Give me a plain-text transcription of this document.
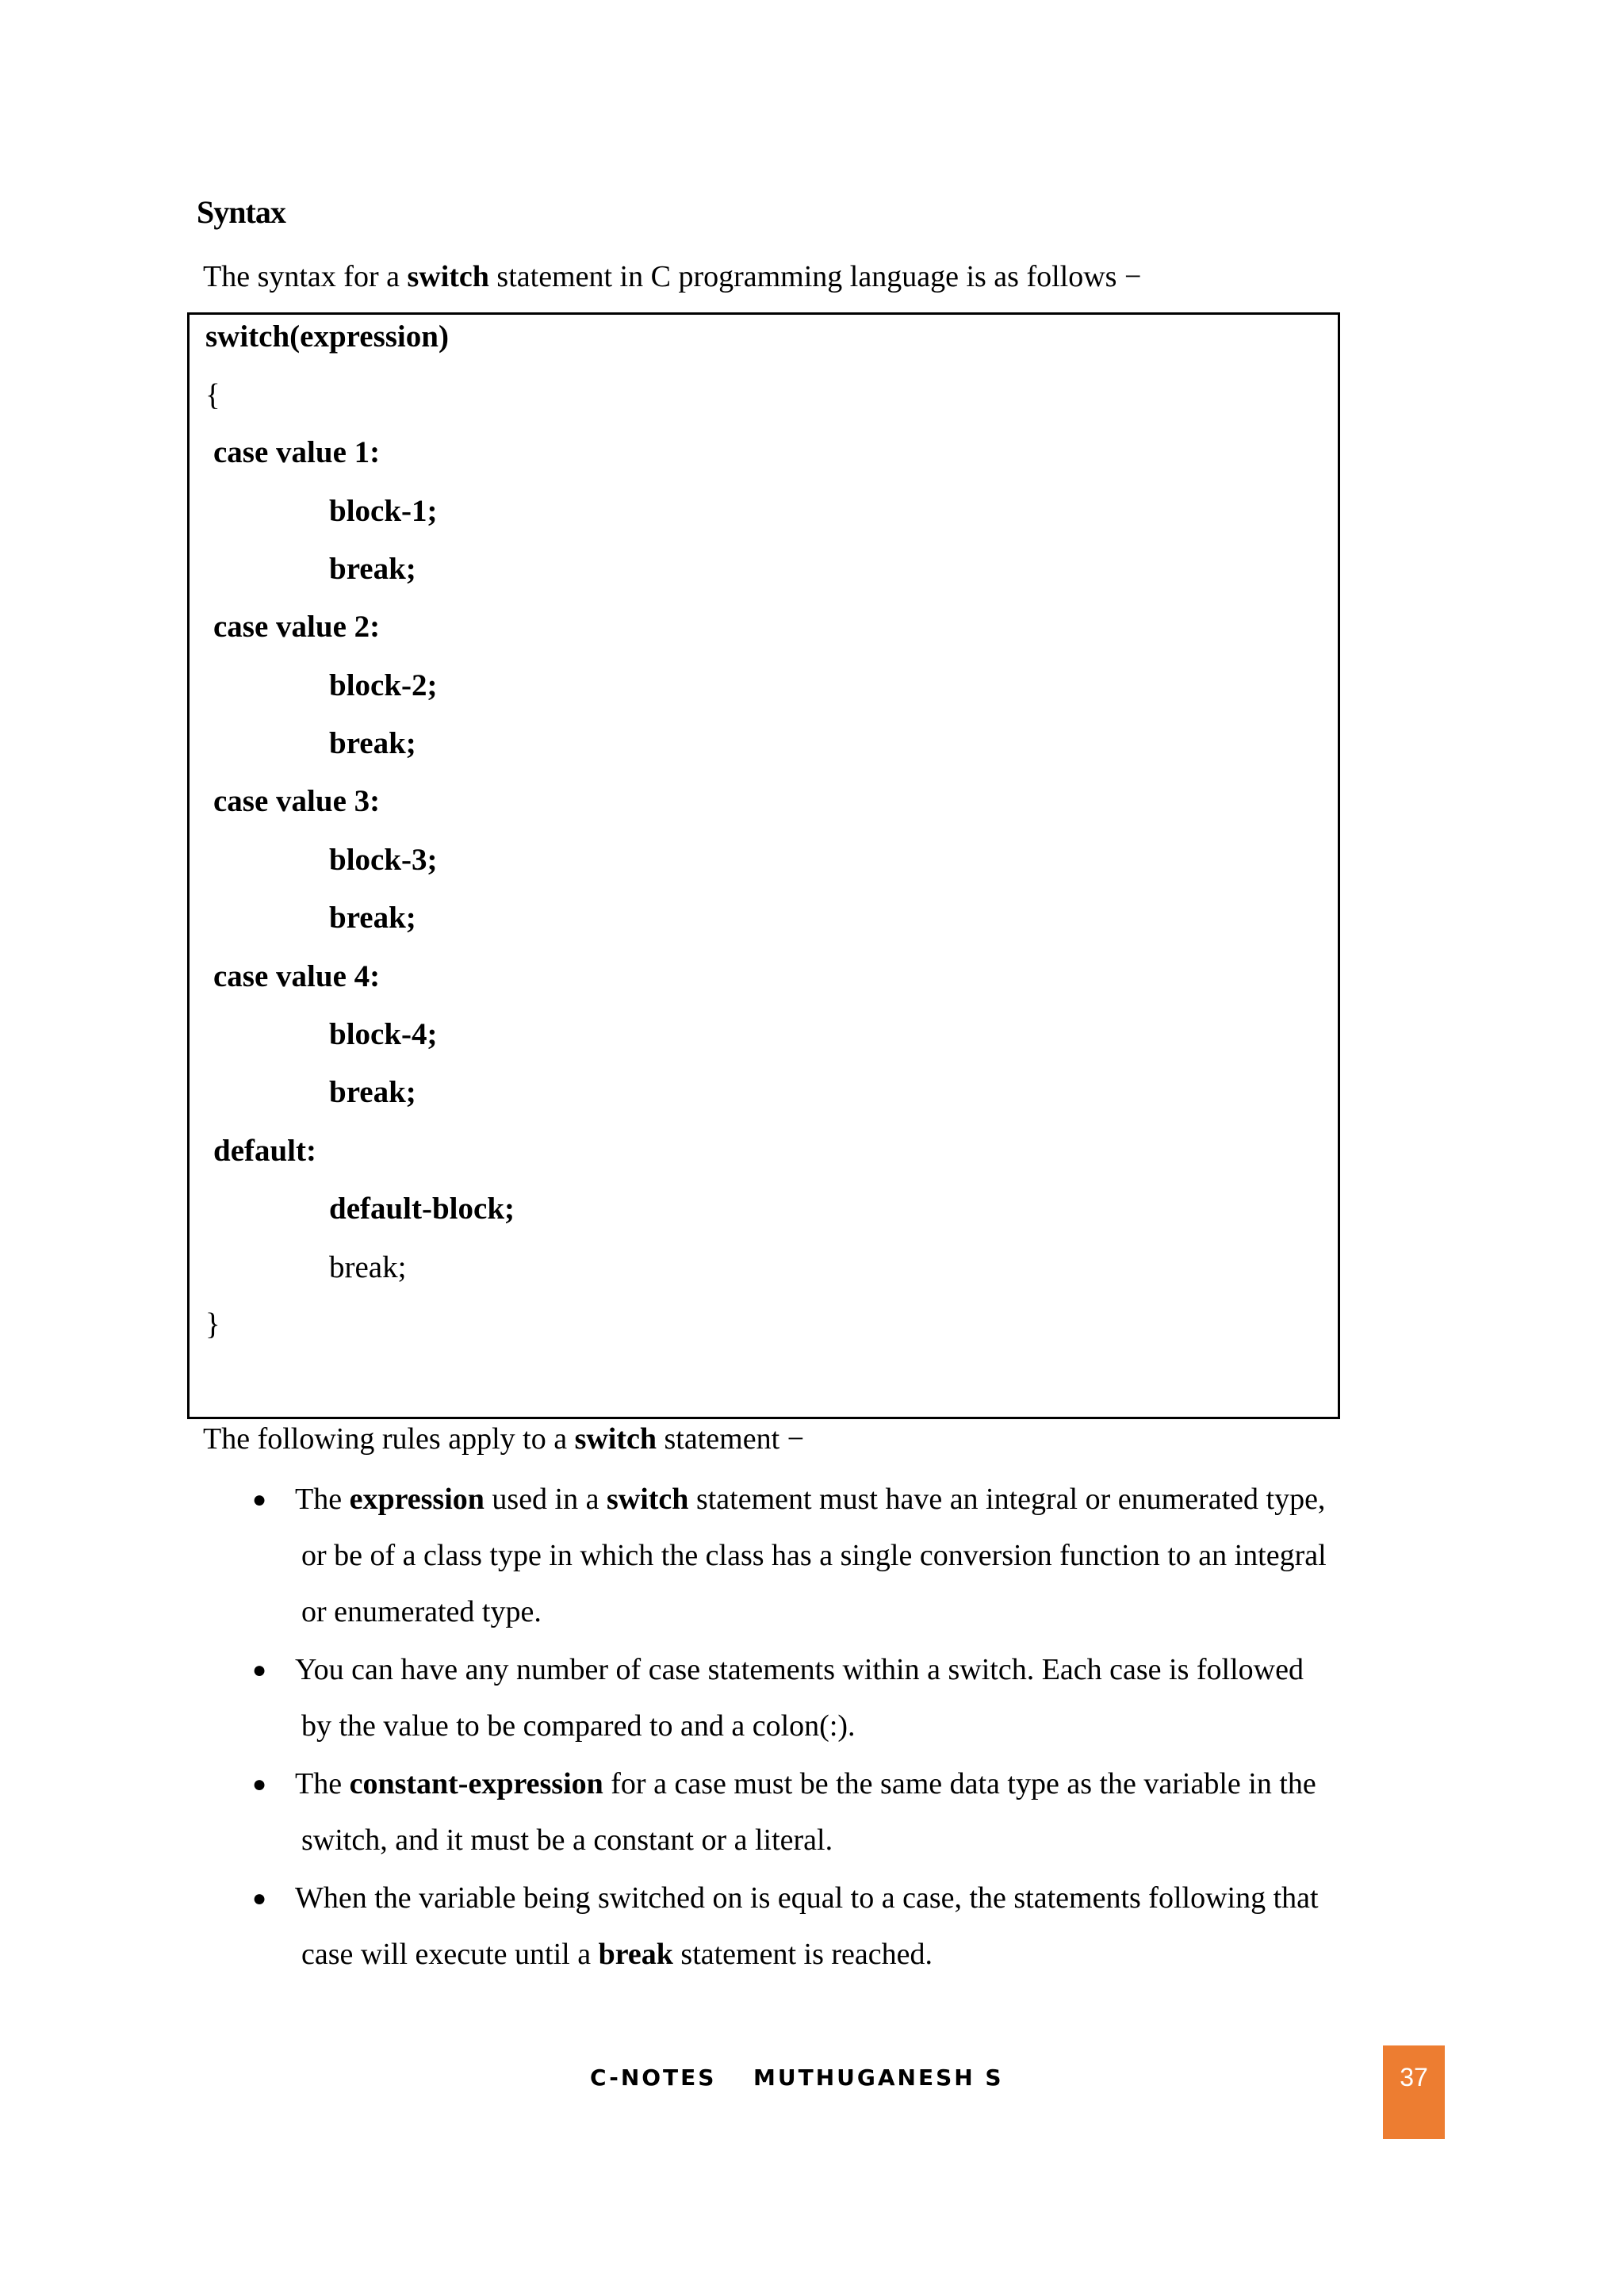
Syntax
The syntax for a switch statement in C programming language is as follows −
switch(expression)
{
case value 1:
block-1;
break;
case value 2:
block-2;
break;
case value 3:
block-3;
break;
case value 4:
block-4;
break;
default:
default-block;
break;
}
The following rules apply to a switch statement −
● The expression used in a switch statement must have an integral or enumerated type,
or be of a class type in which the class has a single conversion function to an integral
or enumerated type.
● You can have any number of case statements within a switch. Each case is followed
by the value to be compared to and a colon(:).
● The constant-expression for a case must be the same data type as the variable in the
switch, and it must be a constant or a literal.
● When the variable being switched on is equal to a case, the statements following that
case will execute until a break statement is reached.
C-NOTES MUTHUGANESH S	37
